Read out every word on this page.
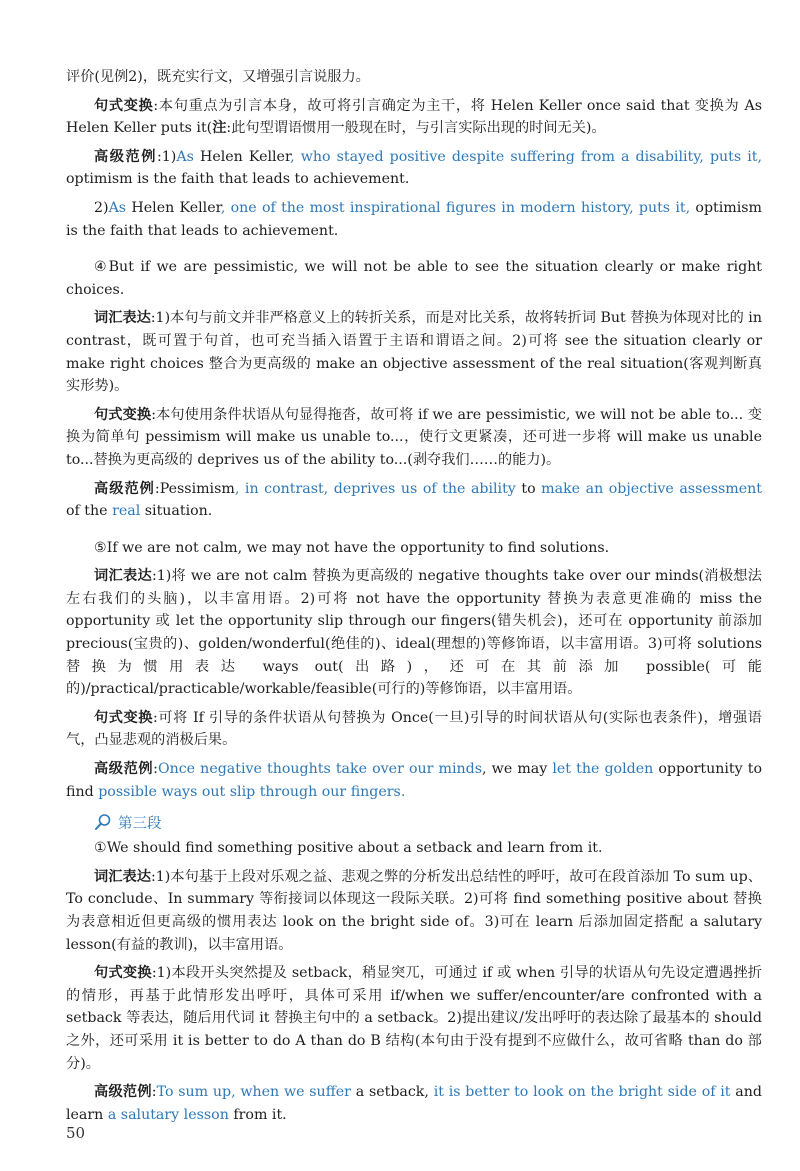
评价(见例2)，既充实行文，又增强引言说服力。

句式变换:本句重点为引言本身，故可将引言确定为主干，将 Helen Keller once said that 变换为 As Helen Keller puts it(注:此句型谓语惯用一般现在时，与引言实际出现的时间无关)。

高级范例:1)As Helen Keller, who stayed positive despite suffering from a disability, puts it, optimism is the faith that leads to achievement.

2)As Helen Keller, one of the most inspirational figures in modern history, puts it, optimism is the faith that leads to achievement.

④But if we are pessimistic, we will not be able to see the situation clearly or make right choices.

词汇表达:1)本句与前文并非严格意义上的转折关系，而是对比关系，故将转折词 But 替换为体现对比的 in contrast，既可置于句首，也可充当插入语置于主语和谓语之间。2)可将 see the situation clearly or make right choices 整合为更高级的 make an objective assessment of the real situation(客观判断真实形势)。

句式变换:本句使用条件状语从句显得拖沓，故可将 if we are pessimistic, we will not be able to... 变换为简单句 pessimism will make us unable to...，使行文更紧凑，还可进一步将 will make us unable to...替换为更高级的 deprives us of the ability to...(剥夺我们……的能力)。

高级范例:Pessimism, in contrast, deprives us of the ability to make an objective assessment of the real situation.

⑤If we are not calm, we may not have the opportunity to find solutions.

词汇表达:1)将 we are not calm 替换为更高级的 negative thoughts take over our minds(消极想法左右我们的头脑)，以丰富用语。2)可将 not have the opportunity 替换为表意更准确的 miss the opportunity 或 let the opportunity slip through our fingers(错失机会)，还可在 opportunity 前添加 precious(宝贵的)、golden/wonderful(绝佳的)、ideal(理想的)等修饰语，以丰富用语。3)可将 solutions 替换为惯用表达 ways out(出路)，还可在其前添加 possible(可能的)/practical/practicable/workable/feasible(可行的)等修饰语，以丰富用语。

句式变换:可将 If 引导的条件状语从句替换为 Once(一旦)引导的时间状语从句(实际也表条件)，增强语气，凸显悲观的消极后果。

高级范例:Once negative thoughts take over our minds, we may let the golden opportunity to find possible ways out slip through our fingers.

第三段

①We should find something positive about a setback and learn from it.

词汇表达:1)本句基于上段对乐观之益、悲观之弊的分析发出总结性的呼吁，故可在段首添加 To sum up、To conclude、In summary 等衔接词以体现这一段际关联。2)可将 find something positive about 替换为表意相近但更高级的惯用表达 look on the bright side of。3)可在 learn 后添加固定搭配 a salutary lesson(有益的教训)，以丰富用语。

句式变换:1)本段开头突然提及 setback，稍显突兀，可通过 if 或 when 引导的状语从句先设定遭遇挫折的情形，再基于此情形发出呼吁，具体可采用 if/when we suffer/encounter/are confronted with a setback 等表达，随后用代词 it 替换主句中的 a setback。2)提出建议/发出呼吁的表达除了最基本的 should 之外，还可采用 it is better to do A than do B 结构(本句由于没有提到不应做什么，故可省略 than do 部分)。

高级范例:To sum up, when we suffer a setback, it is better to look on the bright side of it and learn a salutary lesson from it.

50
